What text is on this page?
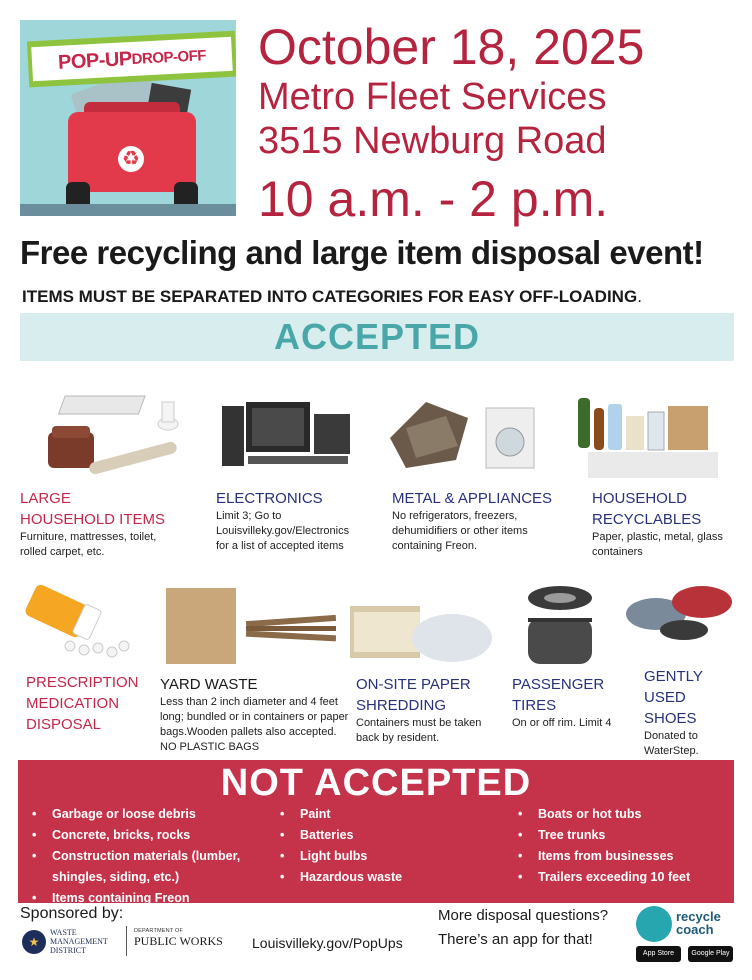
♻
POP-UP DROP-OFF October 18, 2025
Metro Fleet Services
3515 Newburg Road
10 a.m. - 2 p.m.
Free recycling and large item disposal event!
ITEMS MUST BE SEPARATED INTO CATEGORIES FOR EASY OFF-LOADING.
ACCEPTED
LARGE
HOUSEHOLD ITEMS
Furniture, mattresses, toilet,
rolled carpet, etc.
ELECTRONICS
Limit 3; Go to
Louisvilleky.gov/Electronics
for a list of accepted items
METAL & APPLIANCES
No refrigerators, freezers,
dehumidifiers or other items
containing Freon.
HOUSEHOLD
RECYCLABLES
Paper, plastic, metal, glass
containers
PRESCRIPTION
MEDICATION
DISPOSAL
YARD WASTE
Less than 2 inch diameter and 4 feet
long; bundled or in containers or paper
bags.Wooden pallets also accepted.
NO PLASTIC BAGS
ON-SITE PAPER
SHREDDING
Containers must be taken
back by resident.
PASSENGER
TIRES
On or off rim. Limit 4
GENTLY
USED
SHOES
Donated to
WaterStep.
NOT ACCEPTED
• Garbage or loose debris
• Concrete, bricks, rocks
• Construction materials (lumber,
shingles, siding, etc.)
• Items containing Freon
• Paint
• Batteries
• Light bulbs
• Hazardous waste
• Boats or hot tubs
• Tree trunks
• Items from businesses
• Trailers exceeding 10 feet
Sponsored by:
★
WASTE
MANAGEMENT
DISTRICT
DEPARTMENT OF
PUBLIC WORKS	Louisvilleky.gov/PopUps
More disposal questions?
There’s an app for that!
recycle
coach
App Store	Google Play
